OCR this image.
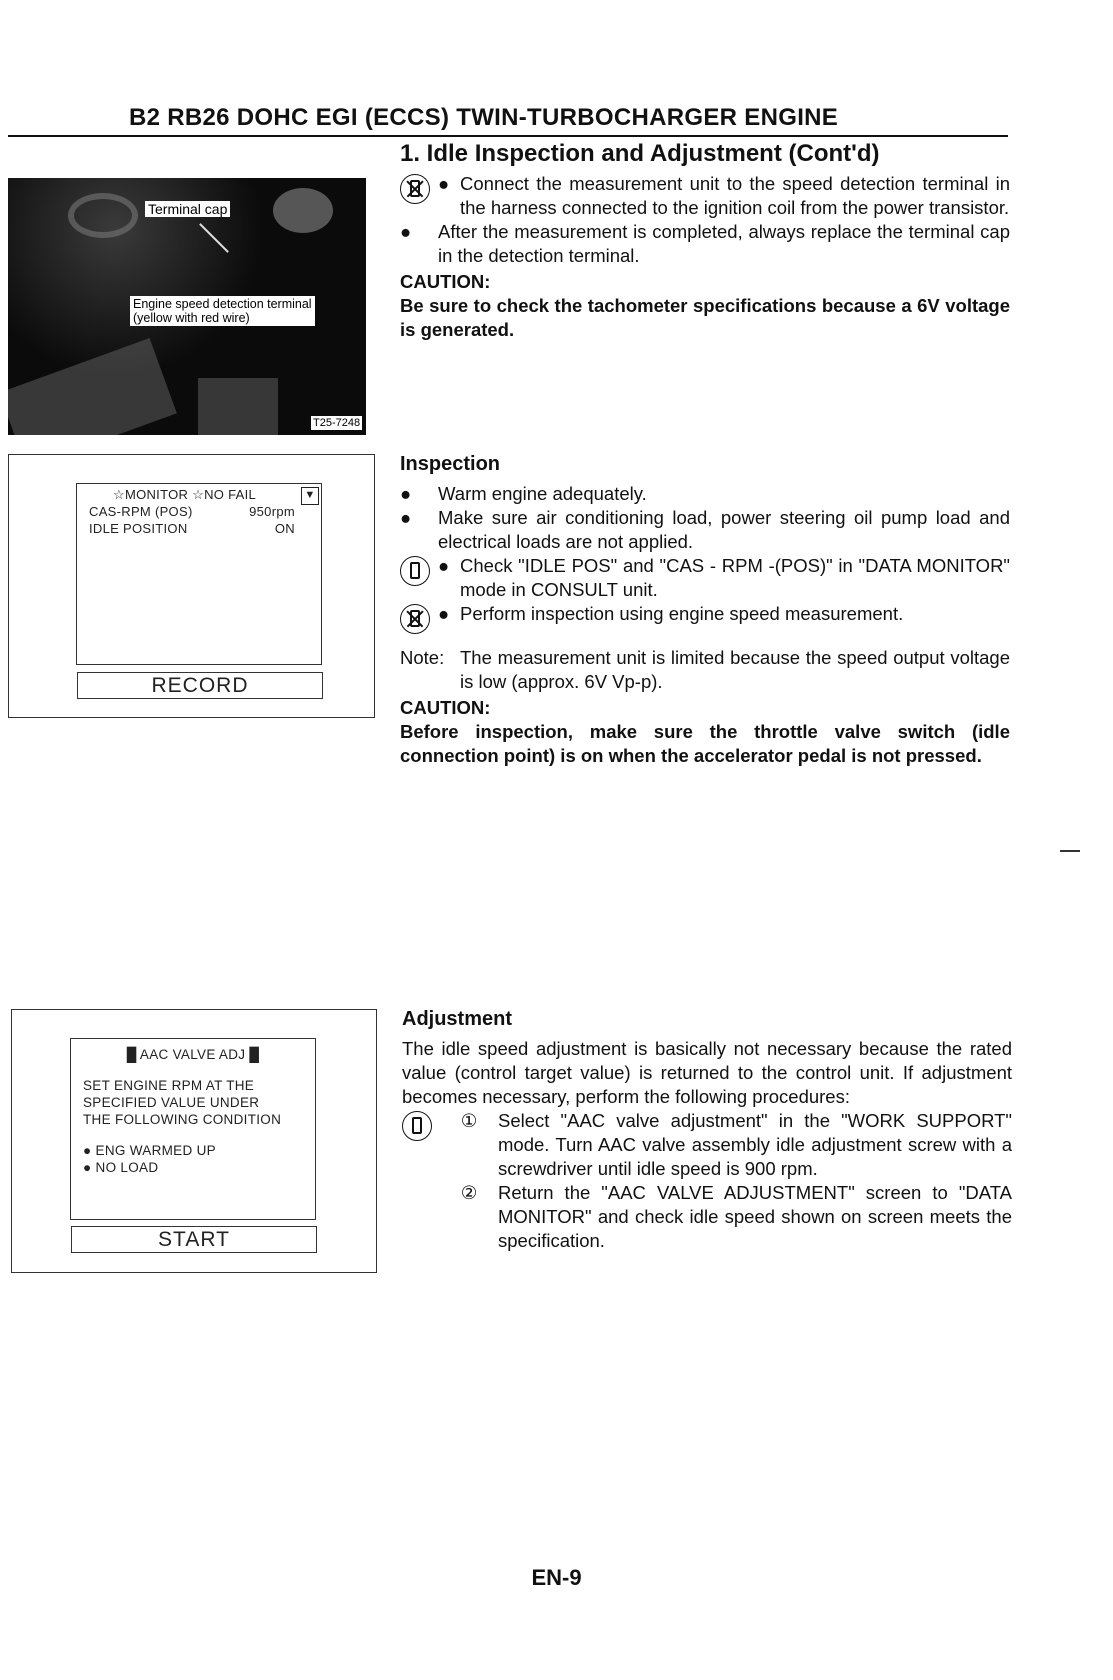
B2 RB26 DOHC EGI (ECCS) TWIN-TURBOCHARGER ENGINE
1. Idle Inspection and Adjustment (Cont'd)
Terminal cap
Engine speed detection terminal
(yellow with red wire)
T25-7248
● Connect the measurement unit to the speed detection terminal in the harness connected to the ignition coil from the power transistor.
●	After the measurement is completed, always replace the terminal cap in the detection terminal.
CAUTION:
Be sure to check the tachometer specifications because a 6V voltage is generated.
☆MONITOR ☆NO FAIL	▼
CAS-RPM (POS)	950rpm
IDLE POSITION	ON
RECORD
Inspection
●	Warm engine adequately.
●	Make sure air conditioning load, power steering oil pump load and electrical loads are not applied.
● Check "IDLE POS" and "CAS - RPM -(POS)" in "DATA MONITOR" mode in CONSULT unit.
● Perform inspection using engine speed measurement.
Note: The measurement unit is limited because the speed output voltage is low (approx. 6V Vp-p).
CAUTION:
Before inspection, make sure the throttle valve switch (idle connection point) is on when the accelerator pedal is not pressed.
█ AAC VALVE ADJ █
SET ENGINE RPM AT THE
SPECIFIED VALUE UNDER
THE FOLLOWING CONDITION
● ENG WARMED UP
● NO LOAD
START
Adjustment
The idle speed adjustment is basically not necessary because the rated value (control target value) is returned to the control unit. If adjustment becomes necessary, perform the following procedures:
①	Select "AAC valve adjustment" in the "WORK SUPPORT" mode. Turn AAC valve assembly idle adjustment screw with a screwdriver until idle speed is 900 rpm.
②	Return the "AAC VALVE ADJUSTMENT" screen to "DATA MONITOR" and check idle speed shown on screen meets the specification.
EN-9
